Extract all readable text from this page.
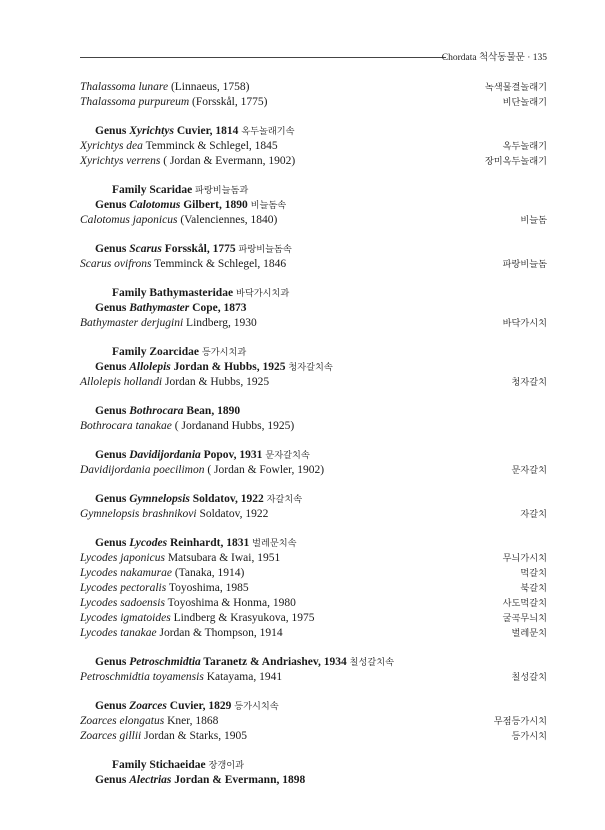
Chordata 척삭동물문 · 135
Thalassoma lunare (Linnaeus, 1758)	녹색물결놀래기
Thalassoma purpureum (Forsskål, 1775)	비단놀래기
Genus Xyrichtys Cuvier, 1814 옥두놀래기속
Xyrichtys dea Temminck & Schlegel, 1845	옥두놀래기
Xyrichtys verrens ( Jordan & Evermann, 1902)	장미옥두놀래기
Family Scaridae 파랑비늘돔과
Genus Calotomus Gilbert, 1890 비늘돔속
Calotomus japonicus (Valenciennes, 1840)	비늘돔
Genus Scarus Forsskål, 1775 파랑비늘돔속
Scarus ovifrons Temminck & Schlegel, 1846	파랑비늘돔
Family Bathymasteridae 바닥가시치과
Genus Bathymaster Cope, 1873
Bathymaster derjugini Lindberg, 1930	바닥가시치
Family Zoarcidae 등가시치과
Genus Allolepis Jordan & Hubbs, 1925 청자갈치속
Allolepis hollandi Jordan & Hubbs, 1925	청자갈치
Genus Bothrocara Bean, 1890
Bothrocara tanakae ( Jordanand Hubbs, 1925)
Genus Davidijordania Popov, 1931 문자갈치속
Davidijordania poecilimon ( Jordan & Fowler, 1902)	문자갈치
Genus Gymnelopsis Soldatov, 1922 자갈치속
Gymnelopsis brashnikovi Soldatov, 1922	자갈치
Genus Lycodes Reinhardt, 1831 벌레문치속
Lycodes japonicus Matsubara & Iwai, 1951	무늬가시치
Lycodes nakamurae (Tanaka, 1914)	먹갈치
Lycodes pectoralis Toyoshima, 1985	북갈치
Lycodes sadoensis Toyoshima & Honma, 1980	사도먹갈치
Lycodes igmatoides Lindberg & Krasyukova, 1975	굴곡무늬치
Lycodes tanakae Jordan & Thompson, 1914	벌레문치
Genus Petroschmidtia Taranetz & Andriashev, 1934 칠성갈치속
Petroschmidtia toyamensis Katayama, 1941	칠성갈치
Genus Zoarces Cuvier, 1829 등가시치속
Zoarces elongatus Kner, 1868	무점등가시치
Zoarces gillii Jordan & Starks, 1905	등가시치
Family Stichaeidae 장갱이과
Genus Alectrias Jordan & Evermann, 1898
